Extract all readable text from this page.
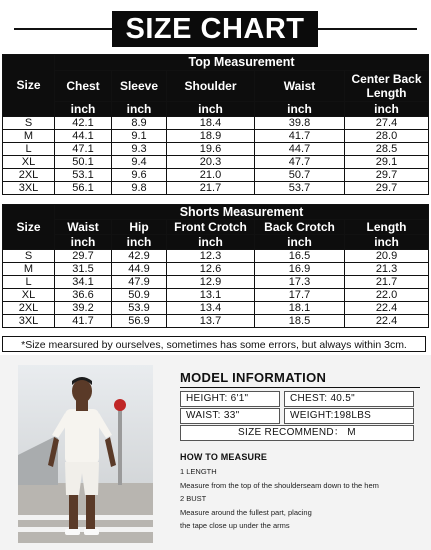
SIZE CHART
Size	Top Measurement				
	Chest	Sleeve	Shoulder	Waist	Center Back Length
	inch	inch	inch	inch	inch
S	42.1	8.9	18.4	39.8	27.4
M	44.1	9.1	18.9	41.7	28.0
L	47.1	9.3	19.6	44.7	28.5
XL	50.1	9.4	20.3	47.7	29.1
2XL	53.1	9.6	21.0	50.7	29.7
3XL	56.1	9.8	21.7	53.7	29.7
Size	Shorts Measurement				
	Waist	Hip	Front Crotch	Back Crotch	Length
	inch	inch	inch	inch	inch
S	29.7	42.9	12.3	16.5	20.9
M	31.5	44.9	12.6	16.9	21.3
L	34.1	47.9	12.9	17.3	21.7
XL	36.6	50.9	13.1	17.7	22.0
2XL	39.2	53.9	13.4	18.1	22.4
3XL	41.7	56.9	13.7	18.5	22.4
*Size mearsured by ourselves, sometimes has some errors, but always within 3cm.
MODEL INFORMATION
HEIGHT: 6'1"	CHEST: 40.5"
WAIST: 33"	WEIGHT:198LBS
SIZE RECOMMEND： M
HOW TO MEASURE
1 LENGTH
Measure from the top of the shoulderseam down to the hem
2 BUST
Measure around the fullest part, placing
the tape close up under the arms
